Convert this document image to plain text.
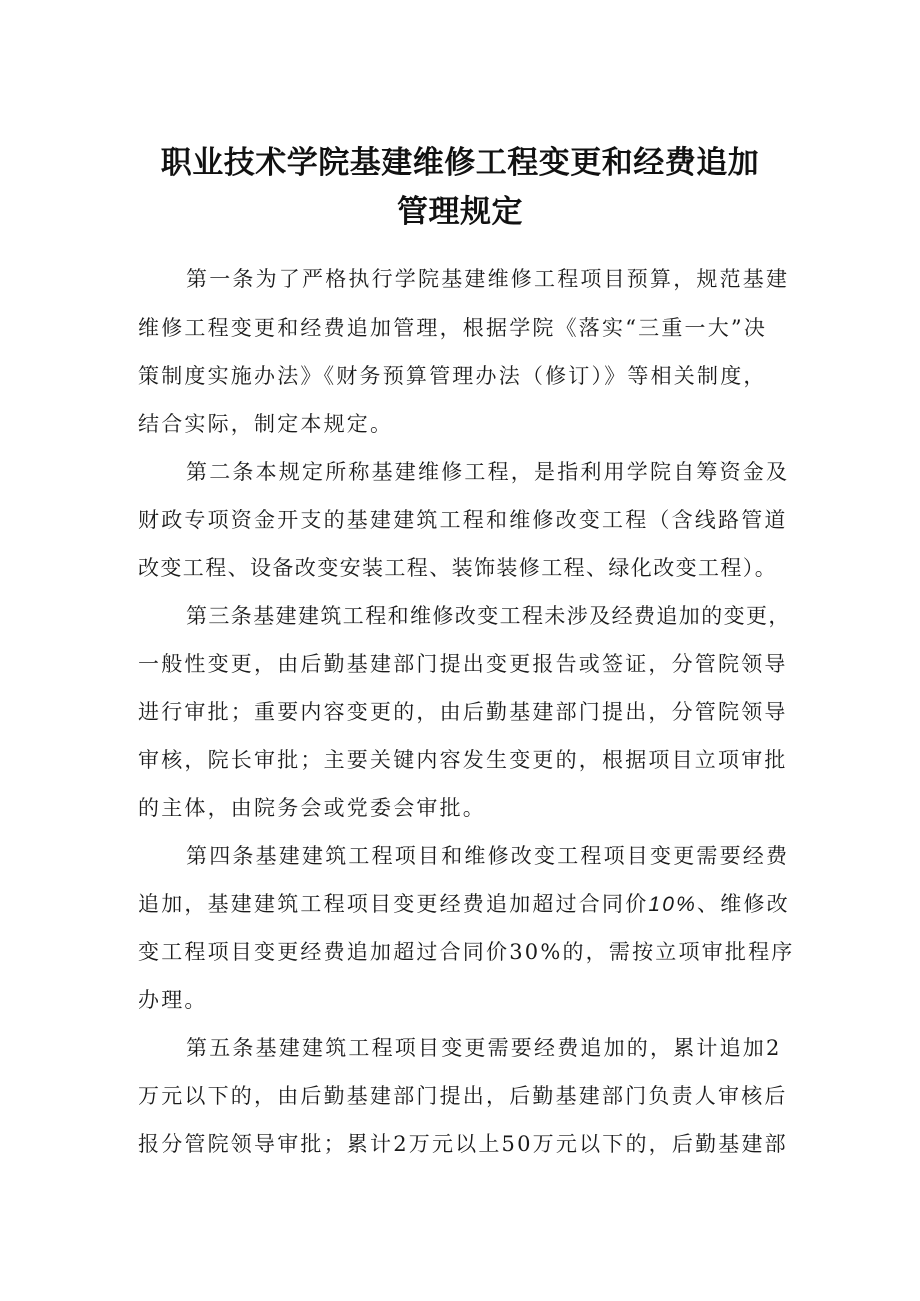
职业技术学院基建维修工程变更和经费追加
管理规定
第一条为了严格执行学院基建维修工程项目预算，规范基建
维修工程变更和经费追加管理，根据学院《落实“三重一大”决
策制度实施办法》《财务预算管理办法（修订）》等相关制度，
结合实际，制定本规定。
第二条本规定所称基建维修工程，是指利用学院自筹资金及
财政专项资金开支的基建建筑工程和维修改变工程（含线路管道
改变工程、设备改变安装工程、装饰装修工程、绿化改变工程）。
第三条基建建筑工程和维修改变工程未涉及经费追加的变更，
一般性变更，由后勤基建部门提出变更报告或签证，分管院领导
进行审批；重要内容变更的，由后勤基建部门提出，分管院领导
审核，院长审批；主要关键内容发生变更的，根据项目立项审批
的主体，由院务会或党委会审批。
第四条基建建筑工程项目和维修改变工程项目变更需要经费
追加，基建建筑工程项目变更经费追加超过合同价10%、维修改
变工程项目变更经费追加超过合同价30%的，需按立项审批程序
办理。
第五条基建建筑工程项目变更需要经费追加的，累计追加2
万元以下的，由后勤基建部门提出，后勤基建部门负责人审核后
报分管院领导审批；累计2万元以上50万元以下的，后勤基建部
